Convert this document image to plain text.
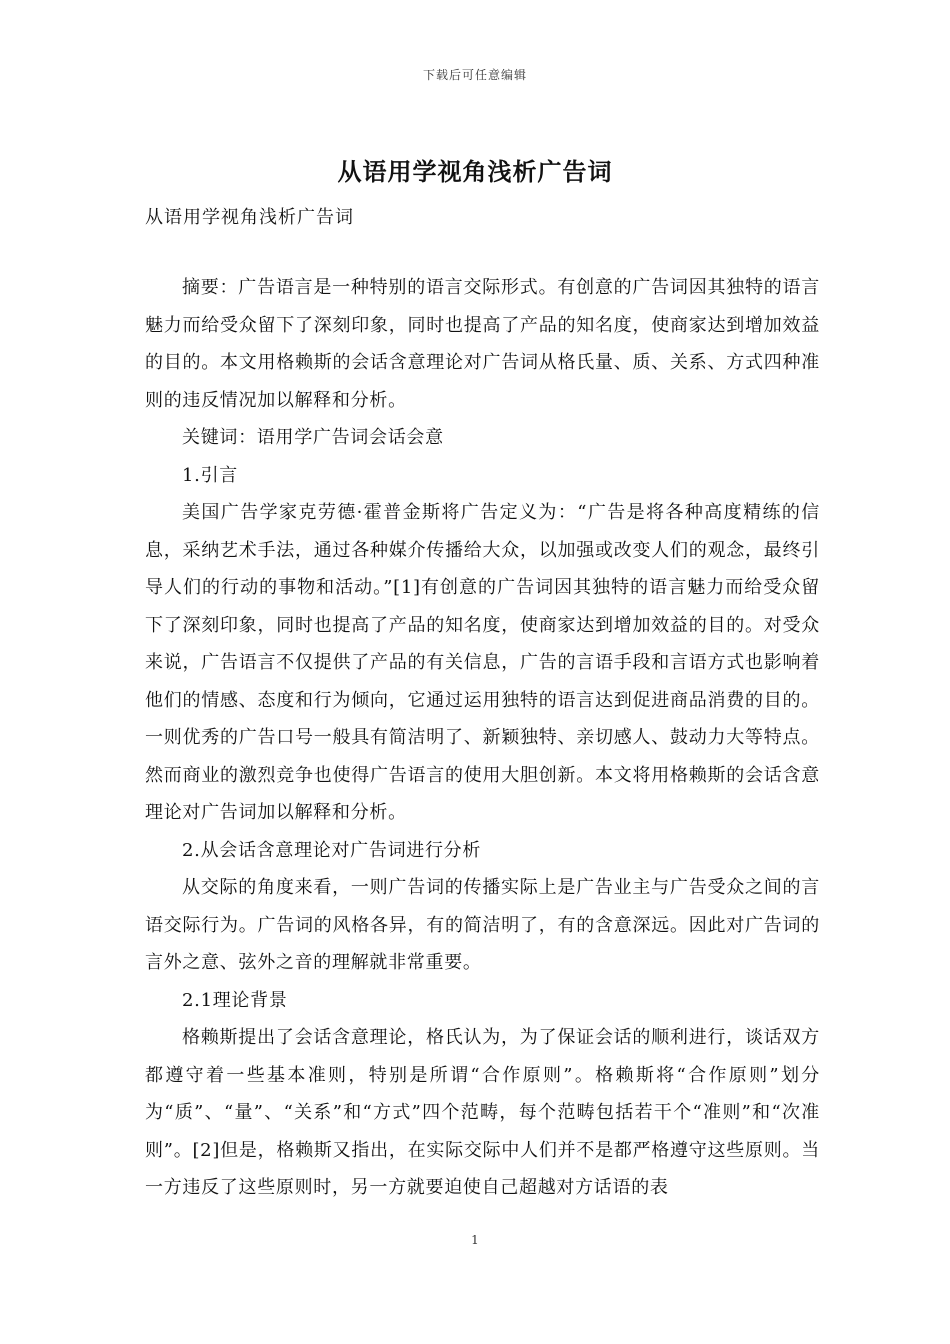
下载后可任意编辑
从语用学视角浅析广告词
从语用学视角浅析广告词

摘要：广告语言是一种特别的语言交际形式。有创意的广告词因其独特的语言魅力而给受众留下了深刻印象，同时也提高了产品的知名度，使商家达到增加效益的目的。本文用格赖斯的会话含意理论对广告词从格氏量、质、关系、方式四种准则的违反情况加以解释和分析。

关键词：语用学广告词会话会意

1.引言

美国广告学家克劳德·霍普金斯将广告定义为：“广告是将各种高度精练的信息，采纳艺术手法，通过各种媒介传播给大众，以加强或改变人们的观念，最终引导人们的行动的事物和活动。”[1]有创意的广告词因其独特的语言魅力而给受众留下了深刻印象，同时也提高了产品的知名度，使商家达到增加效益的目的。对受众来说，广告语言不仅提供了产品的有关信息，广告的言语手段和言语方式也影响着他们的情感、态度和行为倾向，它通过运用独特的语言达到促进商品消费的目的。一则优秀的广告口号一般具有简洁明了、新颖独特、亲切感人、鼓动力大等特点。然而商业的激烈竞争也使得广告语言的使用大胆创新。本文将用格赖斯的会话含意理论对广告词加以解释和分析。

2.从会话含意理论对广告词进行分析

从交际的角度来看，一则广告词的传播实际上是广告业主与广告受众之间的言语交际行为。广告词的风格各异，有的简洁明了，有的含意深远。因此对广告词的言外之意、弦外之音的理解就非常重要。

2.1理论背景

格赖斯提出了会话含意理论，格氏认为，为了保证会话的顺利进行，谈话双方都遵守着一些基本准则，特别是所谓“合作原则”。格赖斯将“合作原则”划分为“质”、“量”、“关系”和“方式”四个范畴，每个范畴包括若干个“准则”和“次准则”。[2]但是，格赖斯又指出，在实际交际中人们并不是都严格遵守这些原则。当一方违反了这些原则时，另一方就要迫使自己超越对方话语的表

1
